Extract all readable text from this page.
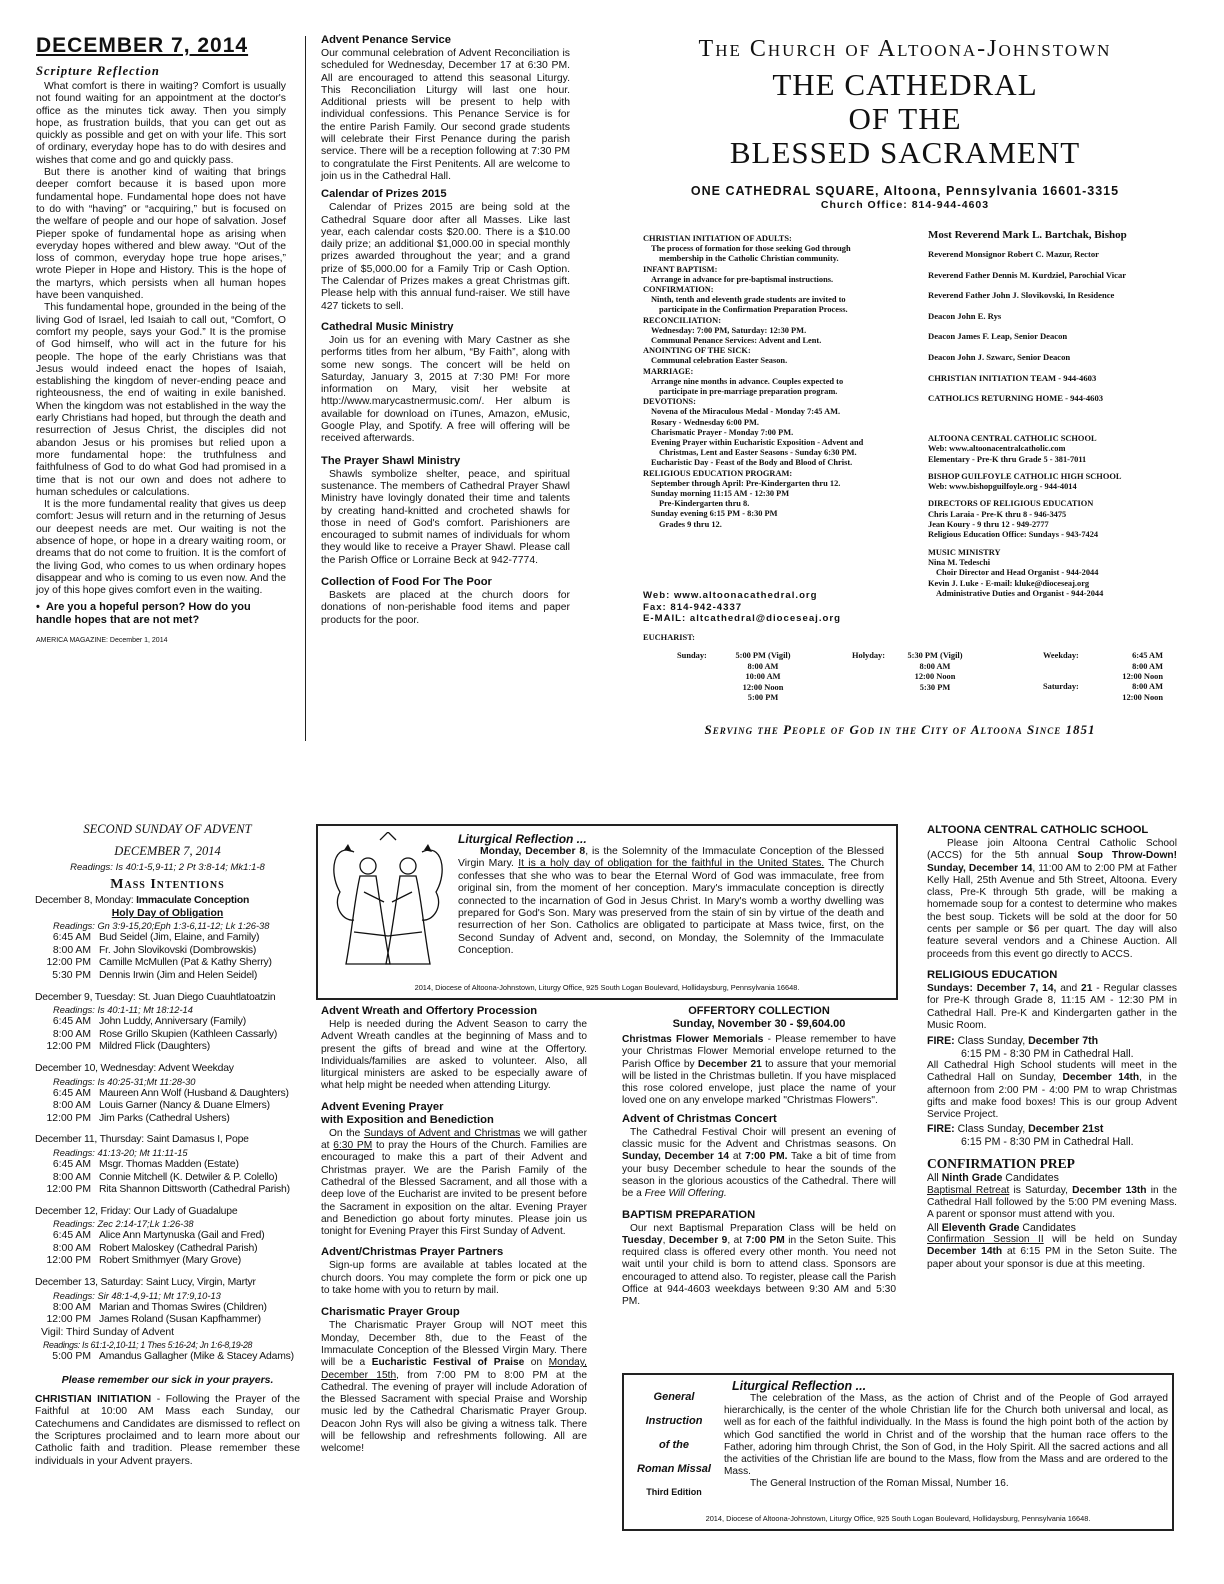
DECEMBER 7, 2014
Scripture Reflection

What comfort is there in waiting? Comfort is usually not found waiting for an appointment at the doctor's office as the minutes tick away. Then you simply hope, as frustration builds, that you can get out as quickly as possible and get on with your life. This sort of ordinary, everyday hope has to do with desires and wishes that come and go and quickly pass.

But there is another kind of waiting that brings deeper comfort because it is based upon more fundamental hope. Fundamental hope does not have to do with “having” or “acquiring,” but is focused on the welfare of people and our hope of salvation. Josef Pieper spoke of fundamental hope as arising when everyday hopes withered and blew away. “Out of the loss of common, everyday hope true hope arises,” wrote Pieper in Hope and History. This is the hope of the martyrs, which persists when all human hopes have been vanquished.

This fundamental hope, grounded in the being of the living God of Israel, led Isaiah to call out, “Comfort, O comfort my people, says your God.” It is the promise of God himself, who will act in the future for his people. The hope of the early Christians was that Jesus would indeed enact the hopes of Isaiah, establishing the kingdom of never-ending peace and righteousness, the end of waiting in exile banished. When the kingdom was not established in the way the early Christians had hoped, but through the death and resurrection of Jesus Christ, the disciples did not abandon Jesus or his promises but relied upon a more fundamental hope: the truthfulness and faithfulness of God to do what God had promised in a time that is not our own and does not adhere to human schedules or calculations.

It is the more fundamental reality that gives us deep comfort: Jesus will return and in the returning of Jesus our deepest needs are met. Our waiting is not the absence of hope, or hope in a dreary waiting room, or dreams that do not come to fruition. It is the comfort of the living God, who comes to us when ordinary hopes disappear and who is coming to us even now. And the joy of this hope gives comfort even in the waiting.

•  Are you a hopeful person? How do you handle hopes that are not met?
AMERICA MAGAZINE: December 1, 2014
Advent Penance Service

Our communal celebration of Advent Reconciliation is scheduled for Wednesday, December 17 at 6:30 PM. All are encouraged to attend this seasonal Liturgy. This Reconciliation Liturgy will last one hour. Additional priests will be present to help with individual confessions. This Penance Service is for the entire Parish Family. Our second grade students will celebrate their First Penance during the parish service. There will be a reception following at 7:30 PM to congratulate the First Penitents. All are welcome to join us in the Cathedral Hall.

Calendar of Prizes 2015

Calendar of Prizes 2015 are being sold at the Cathedral Square door after all Masses. Like last year, each calendar costs $20.00. There is a $10.00 daily prize; an additional $1,000.00 in special monthly prizes awarded throughout the year; and a grand prize of $5,000.00 for a Family Trip or Cash Option. The Calendar of Prizes makes a great Christmas gift. Please help with this annual fund-raiser. We still have 427 tickets to sell.

Cathedral Music Ministry

Join us for an evening with Mary Castner as she performs titles from her album, “By Faith”, along with some new songs. The concert will be held on Saturday, January 3, 2015 at 7:30 PM! For more information on Mary, visit her website at http://www.marycastnermusic.com/. Her album is available for download on iTunes, Amazon, eMusic, Google Play, and Spotify. A free will offering will be received afterwards.

The Prayer Shawl Ministry

Shawls symbolize shelter, peace, and spiritual sustenance. The members of Cathedral Prayer Shawl Ministry have lovingly donated their time and talents by creating hand-knitted and crocheted shawls for those in need of God's comfort. Parishioners are encouraged to submit names of individuals for whom they would like to receive a Prayer Shawl. Please call the Parish Office or Lorraine Beck at 942-7774.

Collection of Food For The Poor

Baskets are placed at the church doors for donations of non-perishable food items and paper products for the poor.

The Church of Altoona-Johnstown
THE CATHEDRAL
OF THE
BLESSED SACRAMENT
ONE CATHEDRAL SQUARE, Altoona, Pennsylvania 16601-3315
Church Office: 814-944-4603
CHRISTIAN INITIATION OF ADULTS:
The process of formation for those seeking God through
membership in the Catholic Christian community.
INFANT BAPTISM:
Arrange in advance for pre-baptismal instructions.
CONFIRMATION:
Ninth, tenth and eleventh grade students are invited to
participate in the Confirmation Preparation Process.
RECONCILIATION:
Wednesday: 7:00 PM, Saturday: 12:30 PM.
Communal Penance Services: Advent and Lent.
ANOINTING OF THE SICK:
Communal celebration Easter Season.
MARRIAGE:
Arrange nine months in advance. Couples expected to
participate in pre-marriage preparation program.
DEVOTIONS:
Novena of the Miraculous Medal - Monday 7:45 AM.
Rosary - Wednesday 6:00 PM.
Charismatic Prayer - Monday 7:00 PM.
Evening Prayer within Eucharistic Exposition - Advent and
Christmas, Lent and Easter Seasons - Sunday 6:30 PM.
Eucharistic Day - Feast of the Body and Blood of Christ.
RELIGIOUS EDUCATION PROGRAM:
September through April: Pre-Kindergarten thru 12.
Sunday morning 11:15 AM - 12:30 PM
Pre-Kindergarten thru 8.
Sunday evening 6:15 PM - 8:30 PM
Grades 9 thru 12.
Web: www.altoonacathedral.org
Fax: 814-942-4337
E-MAIL: altcathedral@dioceseaj.org
Most Reverend Mark L. Bartchak, Bishop
Reverend Monsignor Robert C. Mazur, Rector
Reverend Father Dennis M. Kurdziel, Parochial Vicar
Reverend Father John J. Slovikovski, In Residence
Deacon John E. Rys
Deacon James F. Leap, Senior Deacon
Deacon John J. Szwarc, Senior Deacon
CHRISTIAN INITIATION TEAM - 944-4603
CATHOLICS RETURNING HOME - 944-4603
ALTOONA CENTRAL CATHOLIC SCHOOL
Web: www.altoonacentralcatholic.com
Elementary - Pre-K thru Grade 5 - 381-7011
BISHOP GUILFOYLE CATHOLIC HIGH SCHOOL
Web: www.bishopguilfoyle.org - 944-4014
DIRECTORS OF RELIGIOUS EDUCATION
Chris Laraia - Pre-K thru 8 - 946-3475
Jean Koury - 9 thru 12 - 949-2777
Religious Education Office: Sundays - 943-7424
MUSIC MINISTRY
Nina M. Tedeschi
Choir Director and Head Organist - 944-2044
Kevin J. Luke - E-mail: kluke@dioceseaj.org
Administrative Duties and Organist - 944-2044
EUCHARIST:
Sunday:	5:00 PM (Vigil)
8:00 AM
10:00 AM
12:00 Noon
5:00 PM
Holyday:	5:30 PM (Vigil)
8:00 AM
12:00 Noon
5:30 PM
Weekday:	6:45 AM
8:00 AM
12:00 Noon
Saturday:	8:00 AM
12:00 Noon
Serving the People of God in the City of Altoona Since 1851
SECOND SUNDAY OF ADVENT
DECEMBER 7, 2014
Readings: Is 40:1-5,9-11; 2 Pt 3:8-14; Mk1:1-8
Mass Intentions
December 8, Monday: Immaculate Conception
Holy Day of Obligation
Readings: Gn 3:9-15,20;Eph 1:3-6,11-12; Lk 1:26-38
6:45 AM Bud Seidel (Jim, Elaine, and Family)
8:00 AM Fr. John Slovikovski (Dombrowskis)
12:00 PM Camille McMullen (Pat & Kathy Sherry)
5:30 PM Dennis Irwin (Jim and Helen Seidel)
December 9, Tuesday: St. Juan Diego Cuauhtlatoatzin
Readings: Is 40:1-11; Mt 18:12-14
6:45 AM John Luddy, Anniversary (Family)
8:00 AM Rose Grillo Skupien (Kathleen Cassarly)
12:00 PM Mildred Flick (Daughters)
December 10, Wednesday: Advent Weekday
Readings: Is 40:25-31;Mt 11:28-30
6:45 AM Maureen Ann Wolf (Husband & Daughters)
8:00 AM Louis Garner (Nancy & Duane Elmers)
12:00 PM Jim Parks (Cathedral Ushers)
December 11, Thursday: Saint Damasus I, Pope
Readings: 41:13-20; Mt 11:11-15
6:45 AM Msgr. Thomas Madden (Estate)
8:00 AM Connie Mitchell (K. Detwiler & P. Colello)
12:00 PM Rita Shannon Dittsworth (Cathedral Parish)
December 12, Friday: Our Lady of Guadalupe
Readings: Zec 2:14-17;Lk 1:26-38
6:45 AM Alice Ann Martynuska (Gail and Fred)
8:00 AM Robert Maloskey (Cathedral Parish)
12:00 PM Robert Smithmyer (Mary Grove)
December 13, Saturday: Saint Lucy, Virgin, Martyr
Readings: Sir 48:1-4,9-11; Mt 17:9,10-13
8:00 AM Marian and Thomas Swires (Children)
12:00 PM James Roland (Susan Kapfhammer)
Vigil: Third Sunday of Advent
Readings: Is 61:1-2,10-11; 1 Thes 5:16-24; Jn 1:6-8,19-28
5:00 PM Amandus Gallagher (Mike & Stacey Adams)
Please remember our sick in your prayers.

CHRISTIAN INITIATION - Following the Prayer of the Faithful at 10:00 AM Mass each Sunday, our Catechumens and Candidates are dismissed to reflect on the Scriptures proclaimed and to learn more about our Catholic faith and tradition. Please remember these individuals in your Advent prayers.

Liturgical Reflection ...

Monday, December 8, is the Solemnity of the Immaculate Conception of the Blessed Virgin Mary. It is a holy day of obligation for the faithful in the United States. The Church confesses that she who was to bear the Eternal Word of God was immaculate, free from original sin, from the moment of her conception. Mary's immaculate conception is directly connected to the incarnation of God in Jesus Christ. In Mary's womb a worthy dwelling was prepared for God's Son. Mary was preserved from the stain of sin by virtue of the death and resurrection of her Son. Catholics are obligated to participate at Mass twice, first, on the Second Sunday of Advent and, second, on Monday, the Solemnity of the Immaculate Conception.

2014, Diocese of Altoona-Johnstown, Liturgy Office, 925 South Logan Boulevard, Hollidaysburg, Pennsylvania 16648.
Advent Wreath and Offertory Procession

Help is needed during the Advent Season to carry the Advent Wreath candles at the beginning of Mass and to present the gifts of bread and wine at the Offertory. Individuals/families are asked to volunteer. Also, all liturgical ministers are asked to be especially aware of what help might be needed when attending Liturgy.

Advent Evening Prayer
with Exposition and Benediction

On the Sundays of Advent and Christmas we will gather at 6:30 PM to pray the Hours of the Church. Families are encouraged to make this a part of their Advent and Christmas prayer. We are the Parish Family of the Cathedral of the Blessed Sacrament, and all those with a deep love of the Eucharist are invited to be present before the Sacrament in exposition on the altar. Evening Prayer and Benediction go about forty minutes. Please join us tonight for Evening Prayer this First Sunday of Advent.

Advent/Christmas Prayer Partners

Sign-up forms are available at tables located at the church doors. You may complete the form or pick one up to take home with you to return by mail.

Charismatic Prayer Group

The Charismatic Prayer Group will NOT meet this Monday, December 8th, due to the Feast of the Immaculate Conception of the Blessed Virgin Mary. There will be a Eucharistic Festival of Praise on Monday, December 15th, from 7:00 PM to 8:00 PM at the Cathedral. The evening of prayer will include Adoration of the Blessed Sacrament with special Praise and Worship music led by the Cathedral Charismatic Prayer Group. Deacon John Rys will also be giving a witness talk. There will be fellowship and refreshments following. All are welcome!

OFFERTORY COLLECTION
Sunday, November 30 - $9,604.00

Christmas Flower Memorials - Please remember to have your Christmas Flower Memorial envelope returned to the Parish Office by December 21 to assure that your memorial will be listed in the Christmas bulletin. If you have misplaced this rose colored envelope, just place the name of your loved one on any envelope marked "Christmas Flowers".

Advent of Christmas Concert

The Cathedral Festival Choir will present an evening of classic music for the Advent and Christmas seasons. On Sunday, December 14 at 7:00 PM. Take a bit of time from your busy December schedule to hear the sounds of the season in the glorious acoustics of the Cathedral. There will be a Free Will Offering.

BAPTISM PREPARATION

Our next Baptismal Preparation Class will be held on Tuesday, December 9, at 7:00 PM in the Seton Suite. This required class is offered every other month. You need not wait until your child is born to attend class. Sponsors are encouraged to attend also. To register, please call the Parish Office at 944-4603 weekdays between 9:30 AM and 5:30 PM.

ALTOONA CENTRAL CATHOLIC SCHOOL

Please join Altoona Central Catholic School (ACCS) for the 5th annual Soup Throw-Down! Sunday, December 14, 11:00 AM to 2:00 PM at Father Kelly Hall, 25th Avenue and 5th Street, Altoona. Every class, Pre-K through 5th grade, will be making a homemade soup for a contest to determine who makes the best soup. Tickets will be sold at the door for 50 cents per sample or $6 per quart. The day will also feature several vendors and a Chinese Auction. All proceeds from this event go directly to ACCS.

RELIGIOUS EDUCATION

Sundays: December 7, 14, and 21 - Regular classes for Pre-K through Grade 8, 11:15 AM - 12:30 PM in Cathedral Hall. Pre-K and Kindergarten gather in the Music Room.

FIRE: Class Sunday, December 7th
6:15 PM - 8:30 PM in Cathedral Hall.

All Cathedral High School students will meet in the Cathedral Hall on Sunday, December 14th, in the afternoon from 2:00 PM - 4:00 PM to wrap Christmas gifts and make food boxes! This is our group Advent Service Project.

FIRE: Class Sunday, December 21st
6:15 PM - 8:30 PM in Cathedral Hall.
CONFIRMATION PREP
All Ninth Grade Candidates

Baptismal Retreat is Saturday, December 13th in the Cathedral Hall followed by the 5:00 PM evening Mass. A parent or sponsor must attend with you.

All Eleventh Grade Candidates

Confirmation Session II will be held on Sunday December 14th at 6:15 PM in the Seton Suite. The paper about your sponsor is due at this meeting.

General
Instruction
of the
Roman Missal
Third Edition
Liturgical Reflection ...

The celebration of the Mass, as the action of Christ and of the People of God arrayed hierarchically, is the center of the whole Christian life for the Church both universal and local, as well as for each of the faithful individually. In the Mass is found the high point both of the action by which God sanctified the world in Christ and of the worship that the human race offers to the Father, adoring him through Christ, the Son of God, in the Holy Spirit. All the sacred actions and all the activities of the Christian life are bound to the Mass, flow from the Mass and are ordered to the Mass.

The General Instruction of the Roman Missal, Number 16.
2014, Diocese of Altoona-Johnstown, Liturgy Office, 925 South Logan Boulevard, Hollidaysburg, Pennsylvania 16648.
